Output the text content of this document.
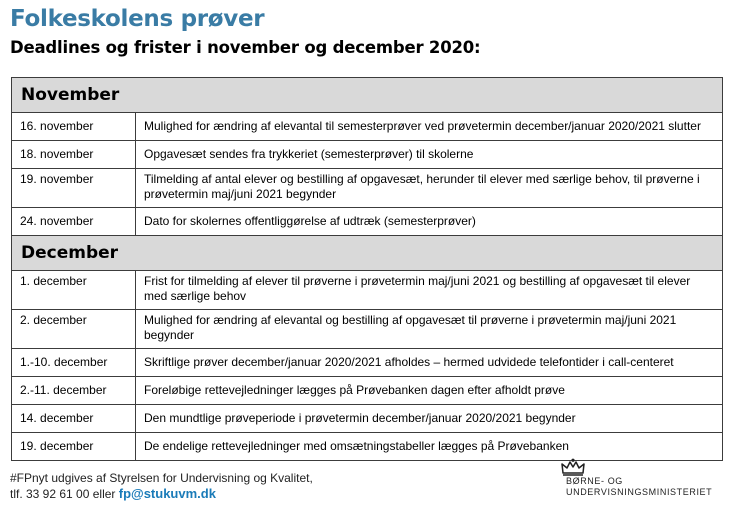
Folkeskolens prøver
Deadlines og frister i november og december 2020:
November	
16. november	Mulighed for ændring af elevantal til semesterprøver ved prøvetermin december/januar 2020/2021 slutter
18. november	Opgavesæt sendes fra trykkeriet (semesterprøver) til skolerne
19. november	Tilmelding af antal elever og bestilling af opgavesæt, herunder til elever med særlige behov, til prøverne i prøvetermin maj/juni 2021 begynder
24. november	Dato for skolernes offentliggørelse af udtræk (semesterprøver)
December	
1. december	Frist for tilmelding af elever til prøverne i prøvetermin maj/juni 2021 og bestilling af opgavesæt til elever med særlige behov
2. december	Mulighed for ændring af elevantal og bestilling af opgavesæt til prøverne i prøvetermin maj/juni 2021 begynder
1.-10. december	Skriftlige prøver december/januar 2020/2021 afholdes – hermed udvidede telefontider i call-centeret
2.-11. december	Foreløbige rettevejledninger lægges på Prøvebanken dagen efter afholdt prøve
14. december	Den mundtlige prøveperiode i prøvetermin december/januar 2020/2021 begynder
19. december	De endelige rettevejledninger med omsætningstabeller lægges på Prøvebanken
#FPnyt udgives af Styrelsen for Undervisning og Kvalitet,
tlf. 33 92 61 00 eller fp@stukuvm.dk
BØRNE- OG
UNDERVISNINGSMINISTERIET
